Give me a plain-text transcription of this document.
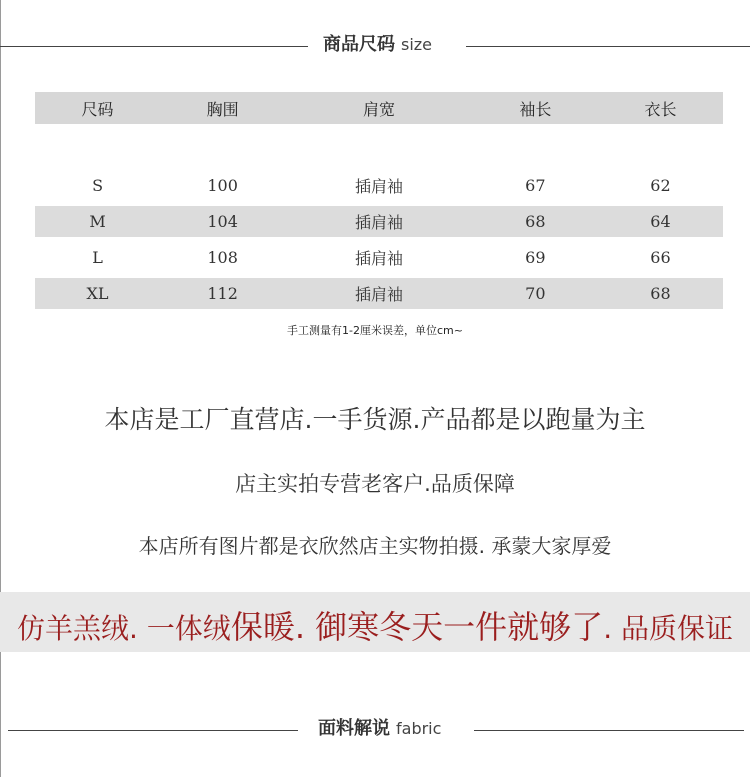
商品尺码 size
尺码	胸围	肩宽	袖长	衣长

S	100	插肩袖	67	62
M	104	插肩袖	68	64
L	108	插肩袖	69	66
XL	112	插肩袖	70	68
手工测量有1-2厘米误差，单位cm~
本店是工厂直营店.一手货源.产品都是以跑量为主
店主实拍专营老客户.品质保障
本店所有图片都是衣欣然店主实物拍摄. 承蒙大家厚爱
仿羊羔绒. 一体绒保暖. 御寒冬天一件就够了. 品质保证
面料解说 fabric
